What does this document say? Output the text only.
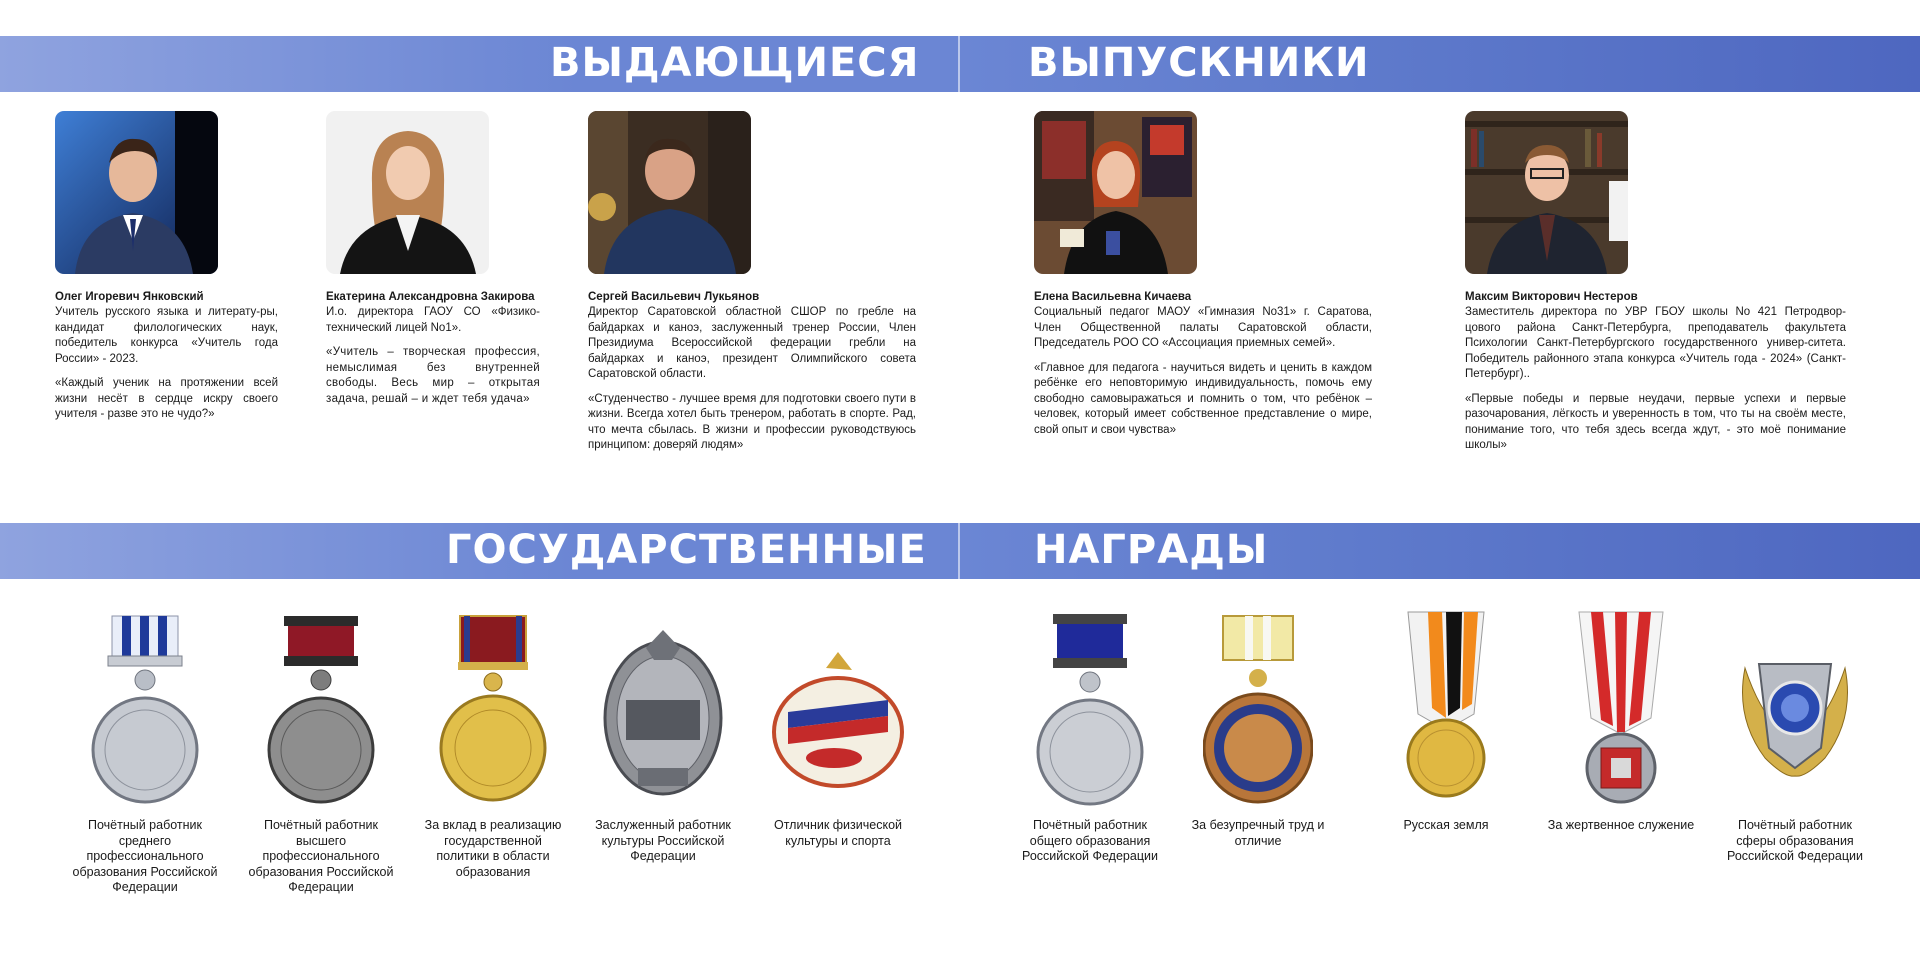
ВЫДАЮЩИЕСЯ	ВЫПУСКНИКИ
Олег Игоревич Янковский
Учитель русского языка и литерату-ры, кандидат филологических наук, победитель конкурса «Учитель года России» - 2023.
«Каждый ученик на протяжении всей жизни несёт в сердце искру своего учителя - разве это не чудо?»
Екатерина Александровна Закирова
И.о. директора ГАОУ СО «Физико-технический лицей No1».
«Учитель – творческая профессия, немыслимая без внутренней свободы. Весь мир – открытая задача, решай – и ждет тебя удача»
Сергей Васильевич Лукьянов
Директор Саратовской областной СШОР по гребле на байдарках и каноэ, заслуженный тренер России, Член Президиума Всероссийской федерации гребли на байдарках и каноэ, президент Олимпийского совета Саратовской области.
«Студенчество - лучшее время для подготовки своего пути в жизни. Всегда хотел быть тренером, работать в спорте. Рад, что мечта сбылась. В жизни и профессии руководствуюсь принципом: доверяй людям»
Елена Васильевна Кичаева
Социальный педагог МАОУ «Гимназия No31» г. Саратова, Член Общественной палаты Саратовской области, Председатель РОО СО «Ассоциация приемных семей».
«Главное для педагога - научиться видеть и ценить в каждом ребёнке его неповторимую индивидуальность, помочь ему свободно самовыражаться и помнить о том, что ребёнок – человек, который имеет собственное представление о мире, свой опыт и свои чувства»
Максим Викторович Нестеров
Заместитель директора по УВР ГБОУ школы No 421 Петродвор-цового района Санкт-Петербурга, преподаватель факультета Психологии Санкт-Петербургского государственного универ-ситета. Победитель районного этапа конкурса «Учитель года - 2024» (Санкт-Петербург)..
«Первые победы и первые неудачи, первые успехи и первые разочарования, лёгкость и уверенность в том, что ты на своём месте, понимание того, что тебя здесь всегда ждут, - это моё понимание школы»
ГОСУДАРСТВЕННЫЕ	НАГРАДЫ
Почётный работник среднего профессионального образования Российской Федерации
Почётный работник высшего профессионального образования Российской Федерации
За вклад в реализацию государственной политики в области образования
Заслуженный работник культуры Российской Федерации
Отличник физической культуры и спорта
Почётный работник общего образования Российской Федерации
За безупречный труд и отличие
Русская земля	За жертвенное служение	Почётный работник сферы образования Российской Федерации
